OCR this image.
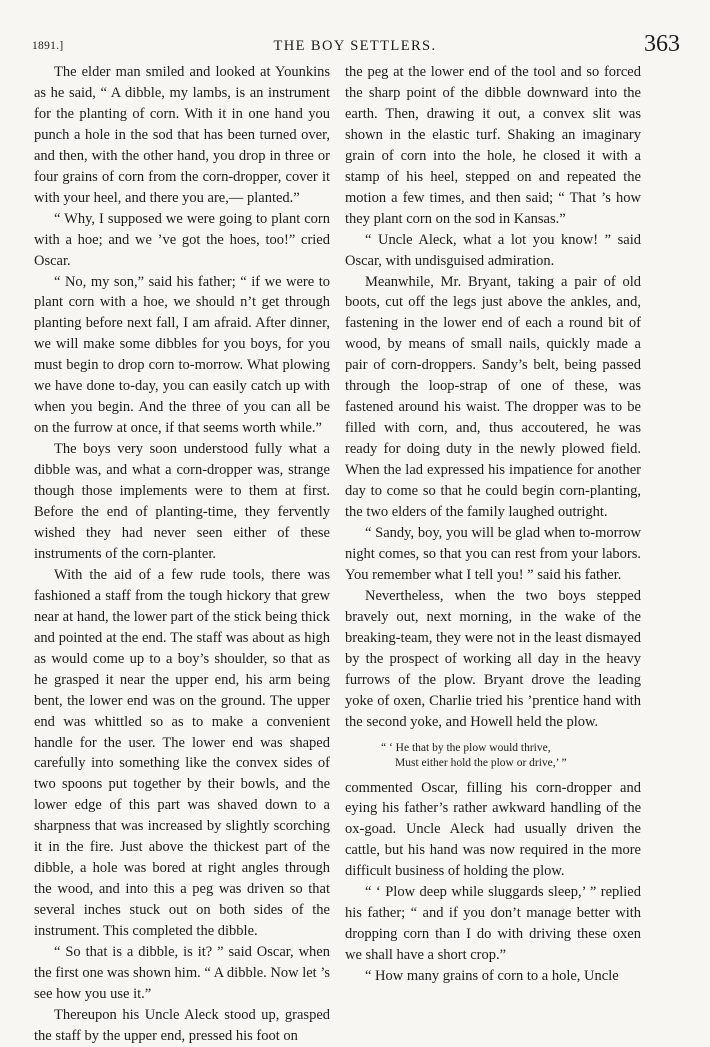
1891.]	THE BOY SETTLERS.	363

The elder man smiled and looked at Younkins as he said, “ A dibble, my lambs, is an instrument for the planting of corn. With it in one hand you punch a hole in the sod that has been turned over, and then, with the other hand, you drop in three or four grains of corn from the corn-dropper, cover it with your heel, and there you are,— planted.”

“ Why, I supposed we were going to plant corn with a hoe; and we ’ve got the hoes, too!” cried Oscar.

“ No, my son,” said his father; “ if we were to plant corn with a hoe, we should n’t get through planting before next fall, I am afraid. After dinner, we will make some dibbles for you boys, for you must begin to drop corn to-morrow. What plowing we have done to-day, you can easily catch up with when you begin. And the three of you can all be on the furrow at once, if that seems worth while.”

The boys very soon understood fully what a dibble was, and what a corn-dropper was, strange though those implements were to them at first. Before the end of planting-time, they fervently wished they had never seen either of these instruments of the corn-planter.

With the aid of a few rude tools, there was fashioned a staff from the tough hickory that grew near at hand, the lower part of the stick being thick and pointed at the end. The staff was about as high as would come up to a boy’s shoulder, so that as he grasped it near the upper end, his arm being bent, the lower end was on the ground. The upper end was whittled so as to make a convenient handle for the user. The lower end was shaped carefully into something like the convex sides of two spoons put together by their bowls, and the lower edge of this part was shaved down to a sharpness that was increased by slightly scorching it in the fire. Just above the thickest part of the dibble, a hole was bored at right angles through the wood, and into this a peg was driven so that several inches stuck out on both sides of the instrument. This completed the dibble.

“ So that is a dibble, is it? ” said Oscar, when the first one was shown him. “ A dibble. Now let ’s see how you use it.”

Thereupon his Uncle Aleck stood up, grasped the staff by the upper end, pressed his foot on

the peg at the lower end of the tool and so forced the sharp point of the dibble downward into the earth. Then, drawing it out, a convex slit was shown in the elastic turf. Shaking an imaginary grain of corn into the hole, he closed it with a stamp of his heel, stepped on and repeated the motion a few times, and then said; “ That ’s how they plant corn on the sod in Kansas.”

“ Uncle Aleck, what a lot you know! ” said Oscar, with undisguised admiration.

Meanwhile, Mr. Bryant, taking a pair of old boots, cut off the legs just above the ankles, and, fastening in the lower end of each a round bit of wood, by means of small nails, quickly made a pair of corn-droppers. Sandy’s belt, being passed through the loop-strap of one of these, was fastened around his waist. The dropper was to be filled with corn, and, thus accoutered, he was ready for doing duty in the newly plowed field. When the lad expressed his impatience for another day to come so that he could begin corn-planting, the two elders of the family laughed outright.

“ Sandy, boy, you will be glad when to-morrow night comes, so that you can rest from your labors. You remember what I tell you! ” said his father.

Nevertheless, when the two boys stepped bravely out, next morning, in the wake of the breaking-team, they were not in the least dismayed by the prospect of working all day in the heavy furrows of the plow. Bryant drove the leading yoke of oxen, Charlie tried his ’prentice hand with the second yoke, and Howell held the plow.

“ ‘ He that by the plow would thrive,
Must either hold the plow or drive,’ ”

commented Oscar, filling his corn-dropper and eying his father’s rather awkward handling of the ox-goad. Uncle Aleck had usually driven the cattle, but his hand was now required in the more difficult business of holding the plow.

“ ‘ Plow deep while sluggards sleep,’ ” replied his father; “ and if you don’t manage better with dropping corn than I do with driving these oxen we shall have a short crop.”

“ How many grains of corn to a hole, Uncle
